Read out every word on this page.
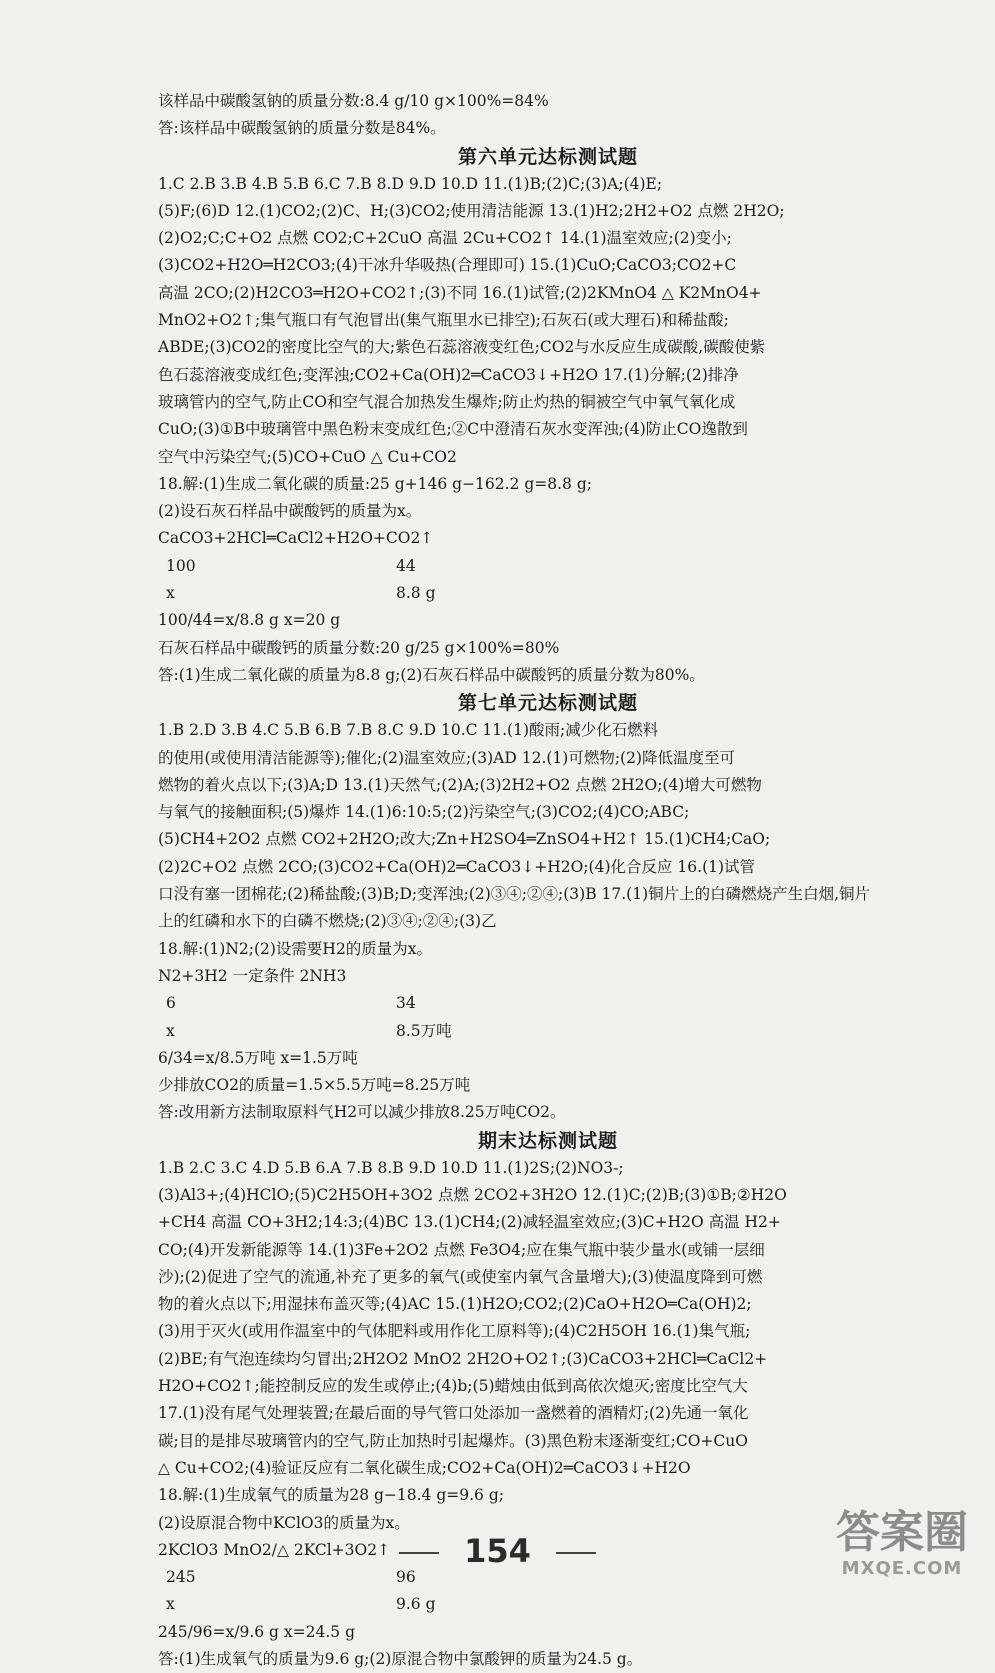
该样品中碳酸氢钠的质量分数:8.4 g/10 g×100%=84%
答:该样品中碳酸氢钠的质量分数是84%。
第六单元达标测试题
1.C 2.B 3.B 4.B 5.B 6.C 7.B 8.D 9.D 10.D 11.(1)B;(2)C;(3)A;(4)E;
(5)F;(6)D 12.(1)CO2;(2)C、H;(3)CO2;使用清洁能源 13.(1)H2;2H2+O2 点燃 2H2O;
(2)O2;C;C+O2 点燃 CO2;C+2CuO 高温 2Cu+CO2↑ 14.(1)温室效应;(2)变小;
(3)CO2+H2O═H2CO3;(4)干冰升华吸热(合理即可) 15.(1)CuO;CaCO3;CO2+C
高温 2CO;(2)H2CO3═H2O+CO2↑;(3)不同 16.(1)试管;(2)2KMnO4 △ K2MnO4+
MnO2+O2↑;集气瓶口有气泡冒出(集气瓶里水已排空);石灰石(或大理石)和稀盐酸;
ABDE;(3)CO2的密度比空气的大;紫色石蕊溶液变红色;CO2与水反应生成碳酸,碳酸使紫
色石蕊溶液变成红色;变浑浊;CO2+Ca(OH)2═CaCO3↓+H2O 17.(1)分解;(2)排净
玻璃管内的空气,防止CO和空气混合加热发生爆炸;防止灼热的铜被空气中氧气氧化成
CuO;(3)①B中玻璃管中黑色粉末变成红色;②C中澄清石灰水变浑浊;(4)防止CO逸散到
空气中污染空气;(5)CO+CuO △ Cu+CO2
18.解:(1)生成二氧化碳的质量:25 g+146 g−162.2 g=8.8 g;
(2)设石灰石样品中碳酸钙的质量为x。
CaCO3+2HCl═CaCl2+H2O+CO2↑
100	44
x	8.8 g
100/44=x/8.8 g x=20 g
石灰石样品中碳酸钙的质量分数:20 g/25 g×100%=80%
答:(1)生成二氧化碳的质量为8.8 g;(2)石灰石样品中碳酸钙的质量分数为80%。
第七单元达标测试题
1.B 2.D 3.B 4.C 5.B 6.B 7.B 8.C 9.D 10.C 11.(1)酸雨;减少化石燃料
的使用(或使用清洁能源等);催化;(2)温室效应;(3)AD 12.(1)可燃物;(2)降低温度至可
燃物的着火点以下;(3)A;D 13.(1)天然气;(2)A;(3)2H2+O2 点燃 2H2O;(4)增大可燃物
与氧气的接触面积;(5)爆炸 14.(1)6:10:5;(2)污染空气;(3)CO2;(4)CO;ABC;
(5)CH4+2O2 点燃 CO2+2H2O;改大;Zn+H2SO4═ZnSO4+H2↑ 15.(1)CH4;CaO;
(2)2C+O2 点燃 2CO;(3)CO2+Ca(OH)2═CaCO3↓+H2O;(4)化合反应 16.(1)试管
口没有塞一团棉花;(2)稀盐酸;(3)B;D;变浑浊;(2)③④;②④;(3)B 17.(1)铜片上的白磷燃烧产生白烟,铜片
上的红磷和水下的白磷不燃烧;(2)③④;②④;(3)乙
18.解:(1)N2;(2)设需要H2的质量为x。
N2+3H2 一定条件 2NH3
6	34
x	8.5万吨
6/34=x/8.5万吨 x=1.5万吨
少排放CO2的质量=1.5×5.5万吨=8.25万吨
答:改用新方法制取原料气H2可以减少排放8.25万吨CO2。
期末达标测试题
1.B 2.C 3.C 4.D 5.B 6.A 7.B 8.B 9.D 10.D 11.(1)2S;(2)NO3-;
(3)Al3+;(4)HClO;(5)C2H5OH+3O2 点燃 2CO2+3H2O 12.(1)C;(2)B;(3)①B;②H2O
+CH4 高温 CO+3H2;14:3;(4)BC 13.(1)CH4;(2)减轻温室效应;(3)C+H2O 高温 H2+
CO;(4)开发新能源等 14.(1)3Fe+2O2 点燃 Fe3O4;应在集气瓶中装少量水(或铺一层细
沙);(2)促进了空气的流通,补充了更多的氧气(或使室内氧气含量增大);(3)使温度降到可燃
物的着火点以下;用湿抹布盖灭等;(4)AC 15.(1)H2O;CO2;(2)CaO+H2O═Ca(OH)2;
(3)用于灭火(或用作温室中的气体肥料或用作化工原料等);(4)C2H5OH 16.(1)集气瓶;
(2)BE;有气泡连续均匀冒出;2H2O2 MnO2 2H2O+O2↑;(3)CaCO3+2HCl═CaCl2+
H2O+CO2↑;能控制反应的发生或停止;(4)b;(5)蜡烛由低到高依次熄灭;密度比空气大
17.(1)没有尾气处理装置;在最后面的导气管口处添加一盏燃着的酒精灯;(2)先通一氧化
碳;目的是排尽玻璃管内的空气,防止加热时引起爆炸。(3)黑色粉末逐渐变红;CO+CuO
△ Cu+CO2;(4)验证反应有二氧化碳生成;CO2+Ca(OH)2═CaCO3↓+H2O
18.解:(1)生成氧气的质量为28 g−18.4 g=9.6 g;
(2)设原混合物中KClO3的质量为x。
2KClO3 MnO2/△ 2KCl+3O2↑
245	96
x	9.6 g
245/96=x/9.6 g x=24.5 g
答:(1)生成氧气的质量为9.6 g;(2)原混合物中氯酸钾的质量为24.5 g。
154	答案圈
MXQE.COM
